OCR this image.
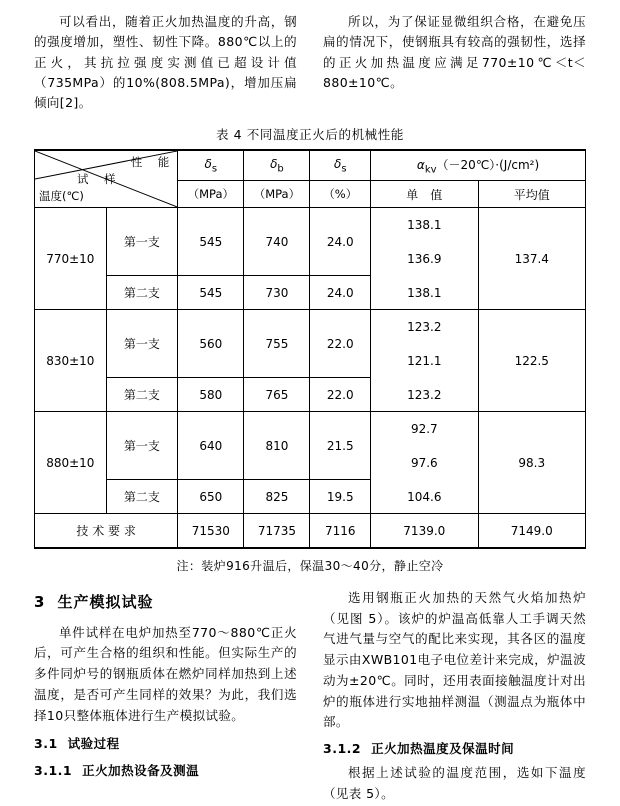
可以看出，随着正火加热温度的升高，钢的强度增加，塑性、韧性下降。880℃以上的正火，其抗拉强度实测值已超设计值（735MPa）的10%(808.5MPa)，增加压扁倾向[2]。

所以，为了保证显微组织合格，在避免压扁的情况下，使钢瓶具有较高的强韧性，选择的正火加热温度应满足770±10℃＜t＜880±10℃。

表 4 不同温度正火后的机械性能
性　能
试　样
温度(℃)		$\delta_s$	$\delta_b$	$\delta_s$	$\alpha_{kv}(-20℃)\cdot(J/cm^2)$	
		（MPa）	（MPa）	（%）	单　值	平均值
770±10	第一支	545	740	24.0	138.1	137.4
					136.9	
	第二支	545	730	24.0	138.1	
830±10	第一支	560	755	22.0	123.2	122.5
					121.1	
	第二支	580	765	22.0	123.2	
880±10	第一支	640	810	21.5	92.7	98.3
					97.6	
	第二支	650	825	19.5	104.6	
技 术 要 求		71530	71735	7116	7139.0	7149.0
注：装炉916升温后，保温30～40分，静止空冷
3 生产模拟试验

单件试样在电炉加热至770～880℃正火后，可产生合格的组织和性能。但实际生产的多件同炉号的钢瓶质体在燃炉同样加热到上述温度，是否可产生同样的效果？为此，我们选择10只整体瓶体进行生产模拟试验。

3.1 试验过程
3.1.1 正火加热设备及测温

选用钢瓶正火加热的天然气火焰加热炉（见图 5）。该炉的炉温高低靠人工手调天然气进气量与空气的配比来实现，其各区的温度显示由XWB101电子电位差计来完成，炉温波动为±20℃。同时，还用表面接触温度计对出炉的瓶体进行实地抽样测温（测温点为瓶体中部。

3.1.2 正火加热温度及保温时间

根据上述试验的温度范围，选如下温度（见表 5）。
